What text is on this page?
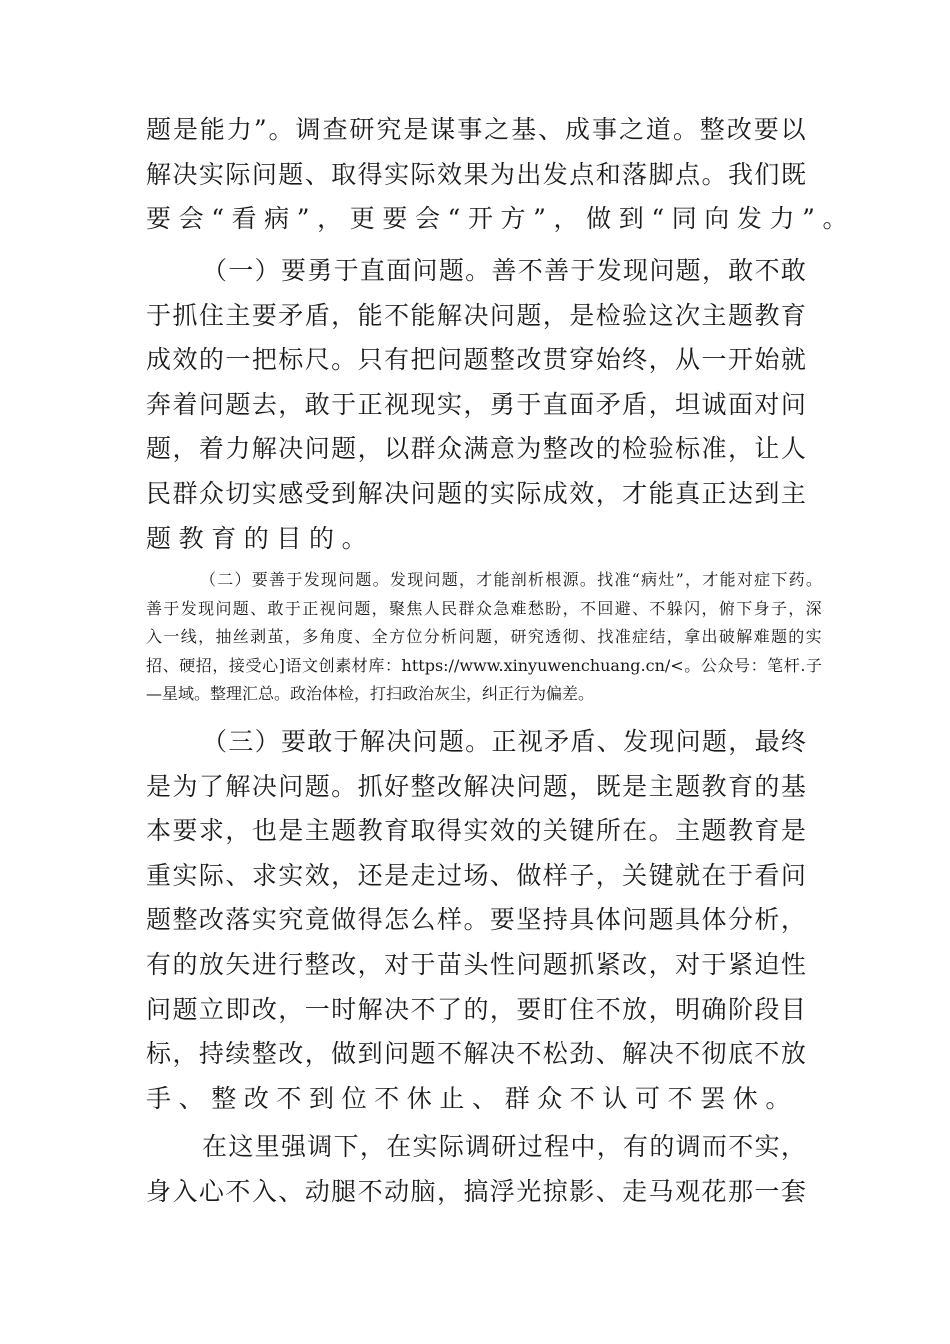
题是能力”。调查研究是谋事之基、成事之道。整改要以
解决实际问题、取得实际效果为出发点和落脚点。我们既
要会“看病”，更要会“开方”，做到“同向发力”。
（一）要勇于直面问题。善不善于发现问题，敢不敢
于抓住主要矛盾，能不能解决问题，是检验这次主题教育
成效的一把标尺。只有把问题整改贯穿始终，从一开始就
奔着问题去，敢于正视现实，勇于直面矛盾，坦诚面对问
题，着力解决问题，以群众满意为整改的检验标准，让人
民群众切实感受到解决问题的实际成效，才能真正达到主
题教育的目的。
（二）要善于发现问题。发现问题，才能剖析根源。找准“病灶”，才能对症下药。
善于发现问题、敢于正视问题，聚焦人民群众急难愁盼，不回避、不躲闪，俯下身子，深
入一线，抽丝剥茧，多角度、全方位分析问题，研究透彻、找准症结，拿出破解难题的实
招、硬招，接受心]语文创素材库：https://www.xinyuwenchuang.cn/<。公众号：笔杆.子
—星域。整理汇总。政治体检，打扫政治灰尘，纠正行为偏差。
（三）要敢于解决问题。正视矛盾、发现问题，最终
是为了解决问题。抓好整改解决问题，既是主题教育的基
本要求，也是主题教育取得实效的关键所在。主题教育是
重实际、求实效，还是走过场、做样子，关键就在于看问
题整改落实究竟做得怎么样。要坚持具体问题具体分析，
有的放矢进行整改，对于苗头性问题抓紧改，对于紧迫性
问题立即改，一时解决不了的，要盯住不放，明确阶段目
标，持续整改，做到问题不解决不松劲、解决不彻底不放
手、整改不到位不休止、群众不认可不罢休。
在这里强调下，在实际调研过程中，有的调而不实，
身入心不入、动腿不动脑，搞浮光掠影、走马观花那一套
